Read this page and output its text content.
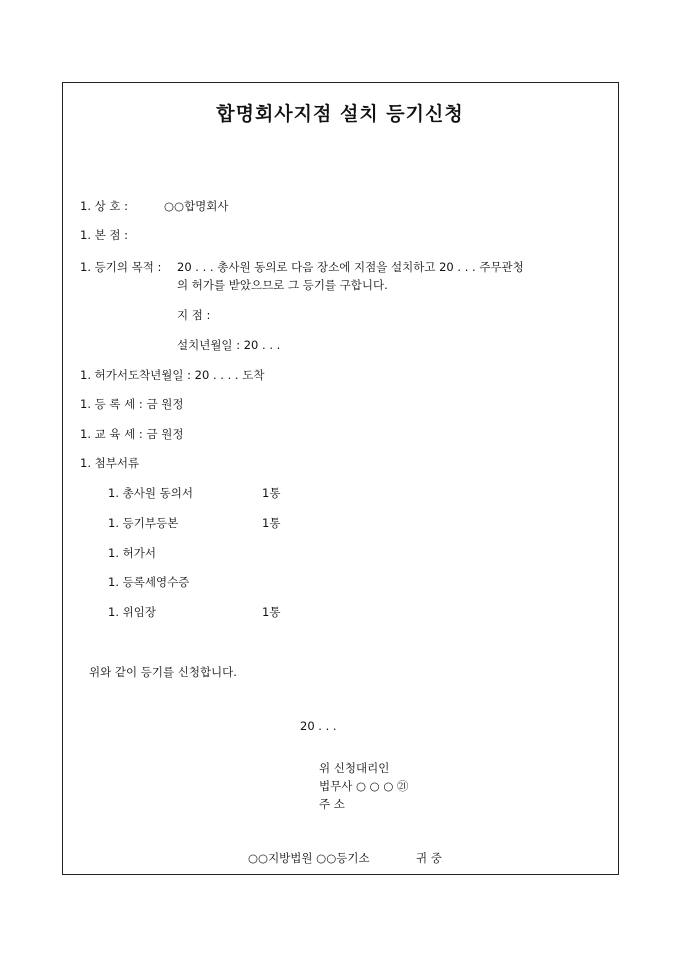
합명회사지점 설치 등기신청
1. 상 호 :	○○합명회사
1. 본 점 :
1. 등기의 목적 : 20 . . . 총사원 동의로 다음 장소에 지점을 설치하고 20 . . . 주무관청
의 허가를 받았으므로 그 등기를 구합니다.
지 점 :
설치년월일 : 20 . . .
1. 허가서도착년월일 : 20 . . . . 도착
1. 등 록 세 : 금 원정
1. 교 육 세 : 금 원정
1. 첨부서류
1. 총사원 동의서	1통
1. 등기부등본	1통
1. 허가서
1. 등록세영수증
1. 위임장	1통
위와 같이 등기를 신청합니다.
20 . . .
위 신청대리인
법무사 ○ ○ ○ ㉑
주 소
○○지방법원 ○○등기소	귀 중
